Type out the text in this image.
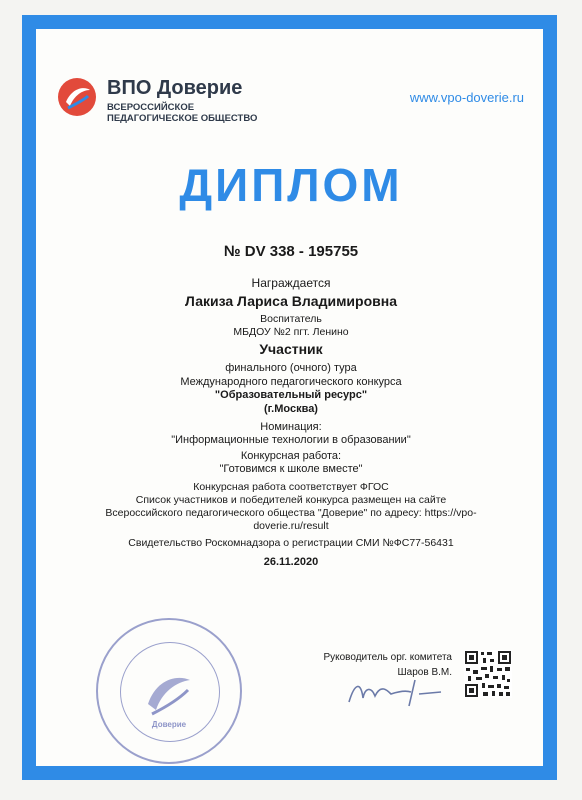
ВПО Доверие
ВСЕРОССИЙСКОЕ ПЕДАГОГИЧЕСКОЕ ОБЩЕСТВО
www.vpo-doverie.ru
ДИПЛОМ
№ DV 338 - 195755
Награждается
Лакиза Лариса Владимировна
Воспитатель
МБДОУ №2 пгт. Ленино
Участник
финального (очного) тура
Международного педагогического конкурса
"Образовательный ресурс"
(г.Москва)
Номинация:
"Информационные технологии в образовании"
Конкурсная работа:
"Готовимся к школе вместе"
Конкурсная работа соответствует ФГОС
Список участников и победителей конкурса размещен на сайте
Всероссийского педагогического общества "Доверие" по адресу: https://vpo-
doverie.ru/result
Свидетельство Роскомнадзора о регистрации СМИ №ФС77-56431
26.11.2020
Доверие
Руководитель орг. комитета
Шаров В.М.
